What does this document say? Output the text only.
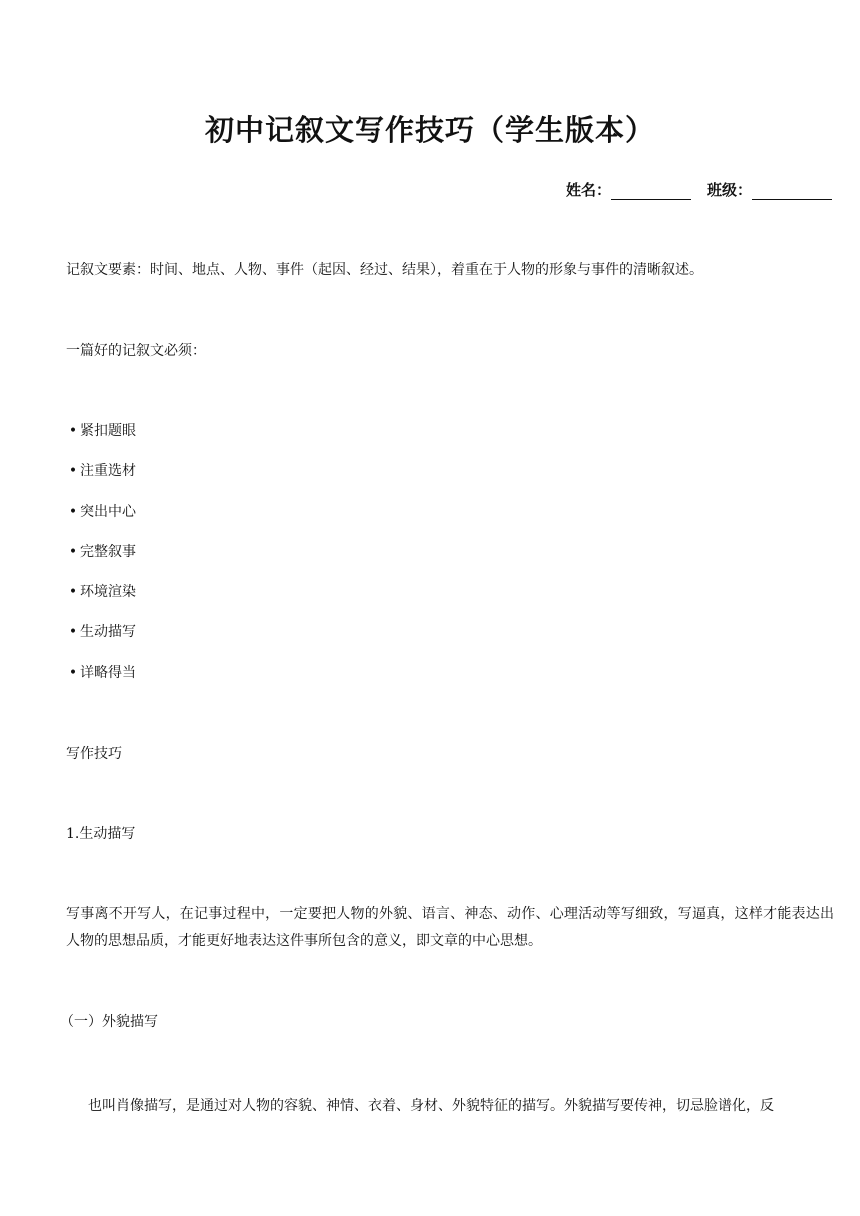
初中记叙文写作技巧（学生版本）
姓名：	班级：

记叙文要素：时间、地点、人物、事件（起因、经过、结果），着重在于人物的形象与事件的清晰叙述。

一篇好的记叙文必须：

• 紧扣题眼
• 注重选材
• 突出中心
• 完整叙事
• 环境渲染
• 生动描写
• 详略得当

写作技巧

1.生动描写

写事离不开写人，在记事过程中，一定要把人物的外貌、语言、神态、动作、心理活动等写细致，写逼真，这样才能表达出人物的思想品质，才能更好地表达这件事所包含的意义，即文章的中心思想。

（一）外貌描写

也叫肖像描写，是通过对人物的容貌、神情、衣着、身材、外貌特征的描写。外貌描写要传神，切忌脸谱化，反
